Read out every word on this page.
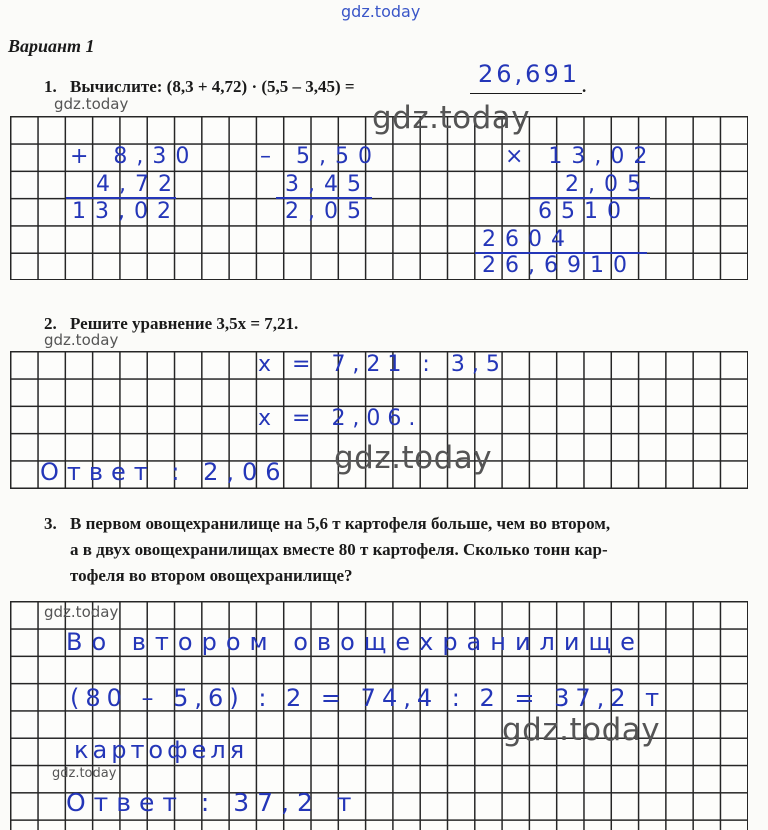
gdz.today
Вариант 1
1. Вычислите: (8,3 + 4,72) · (5,5 – 3,45) =	26,691 .
gdz.today	gdz.today
+ 8,30
4,72
13,02
– 5,50
3,45
2,05
× 13,02
2,05
6510
2604
26,6910
2. Решите уравнение 3,5x = 7,21.
gdz.today
x = 7,21 : 3,5
x = 2,06.
Ответ : 2,06 gdz.today
3. В первом овощехранилище на 5,6 т картофеля больше, чем во втором,
а в двух овощехранилищах вместе 80 т картофеля. Сколько тонн кар-
тофеля во втором овощехранилище?
gdz.today
Во втором овощехранилище
(80 – 5,6) : 2 = 74,4 : 2 = 37,2 т
gdz.today
картофеля
gdz.today
Ответ : 37,2 т
